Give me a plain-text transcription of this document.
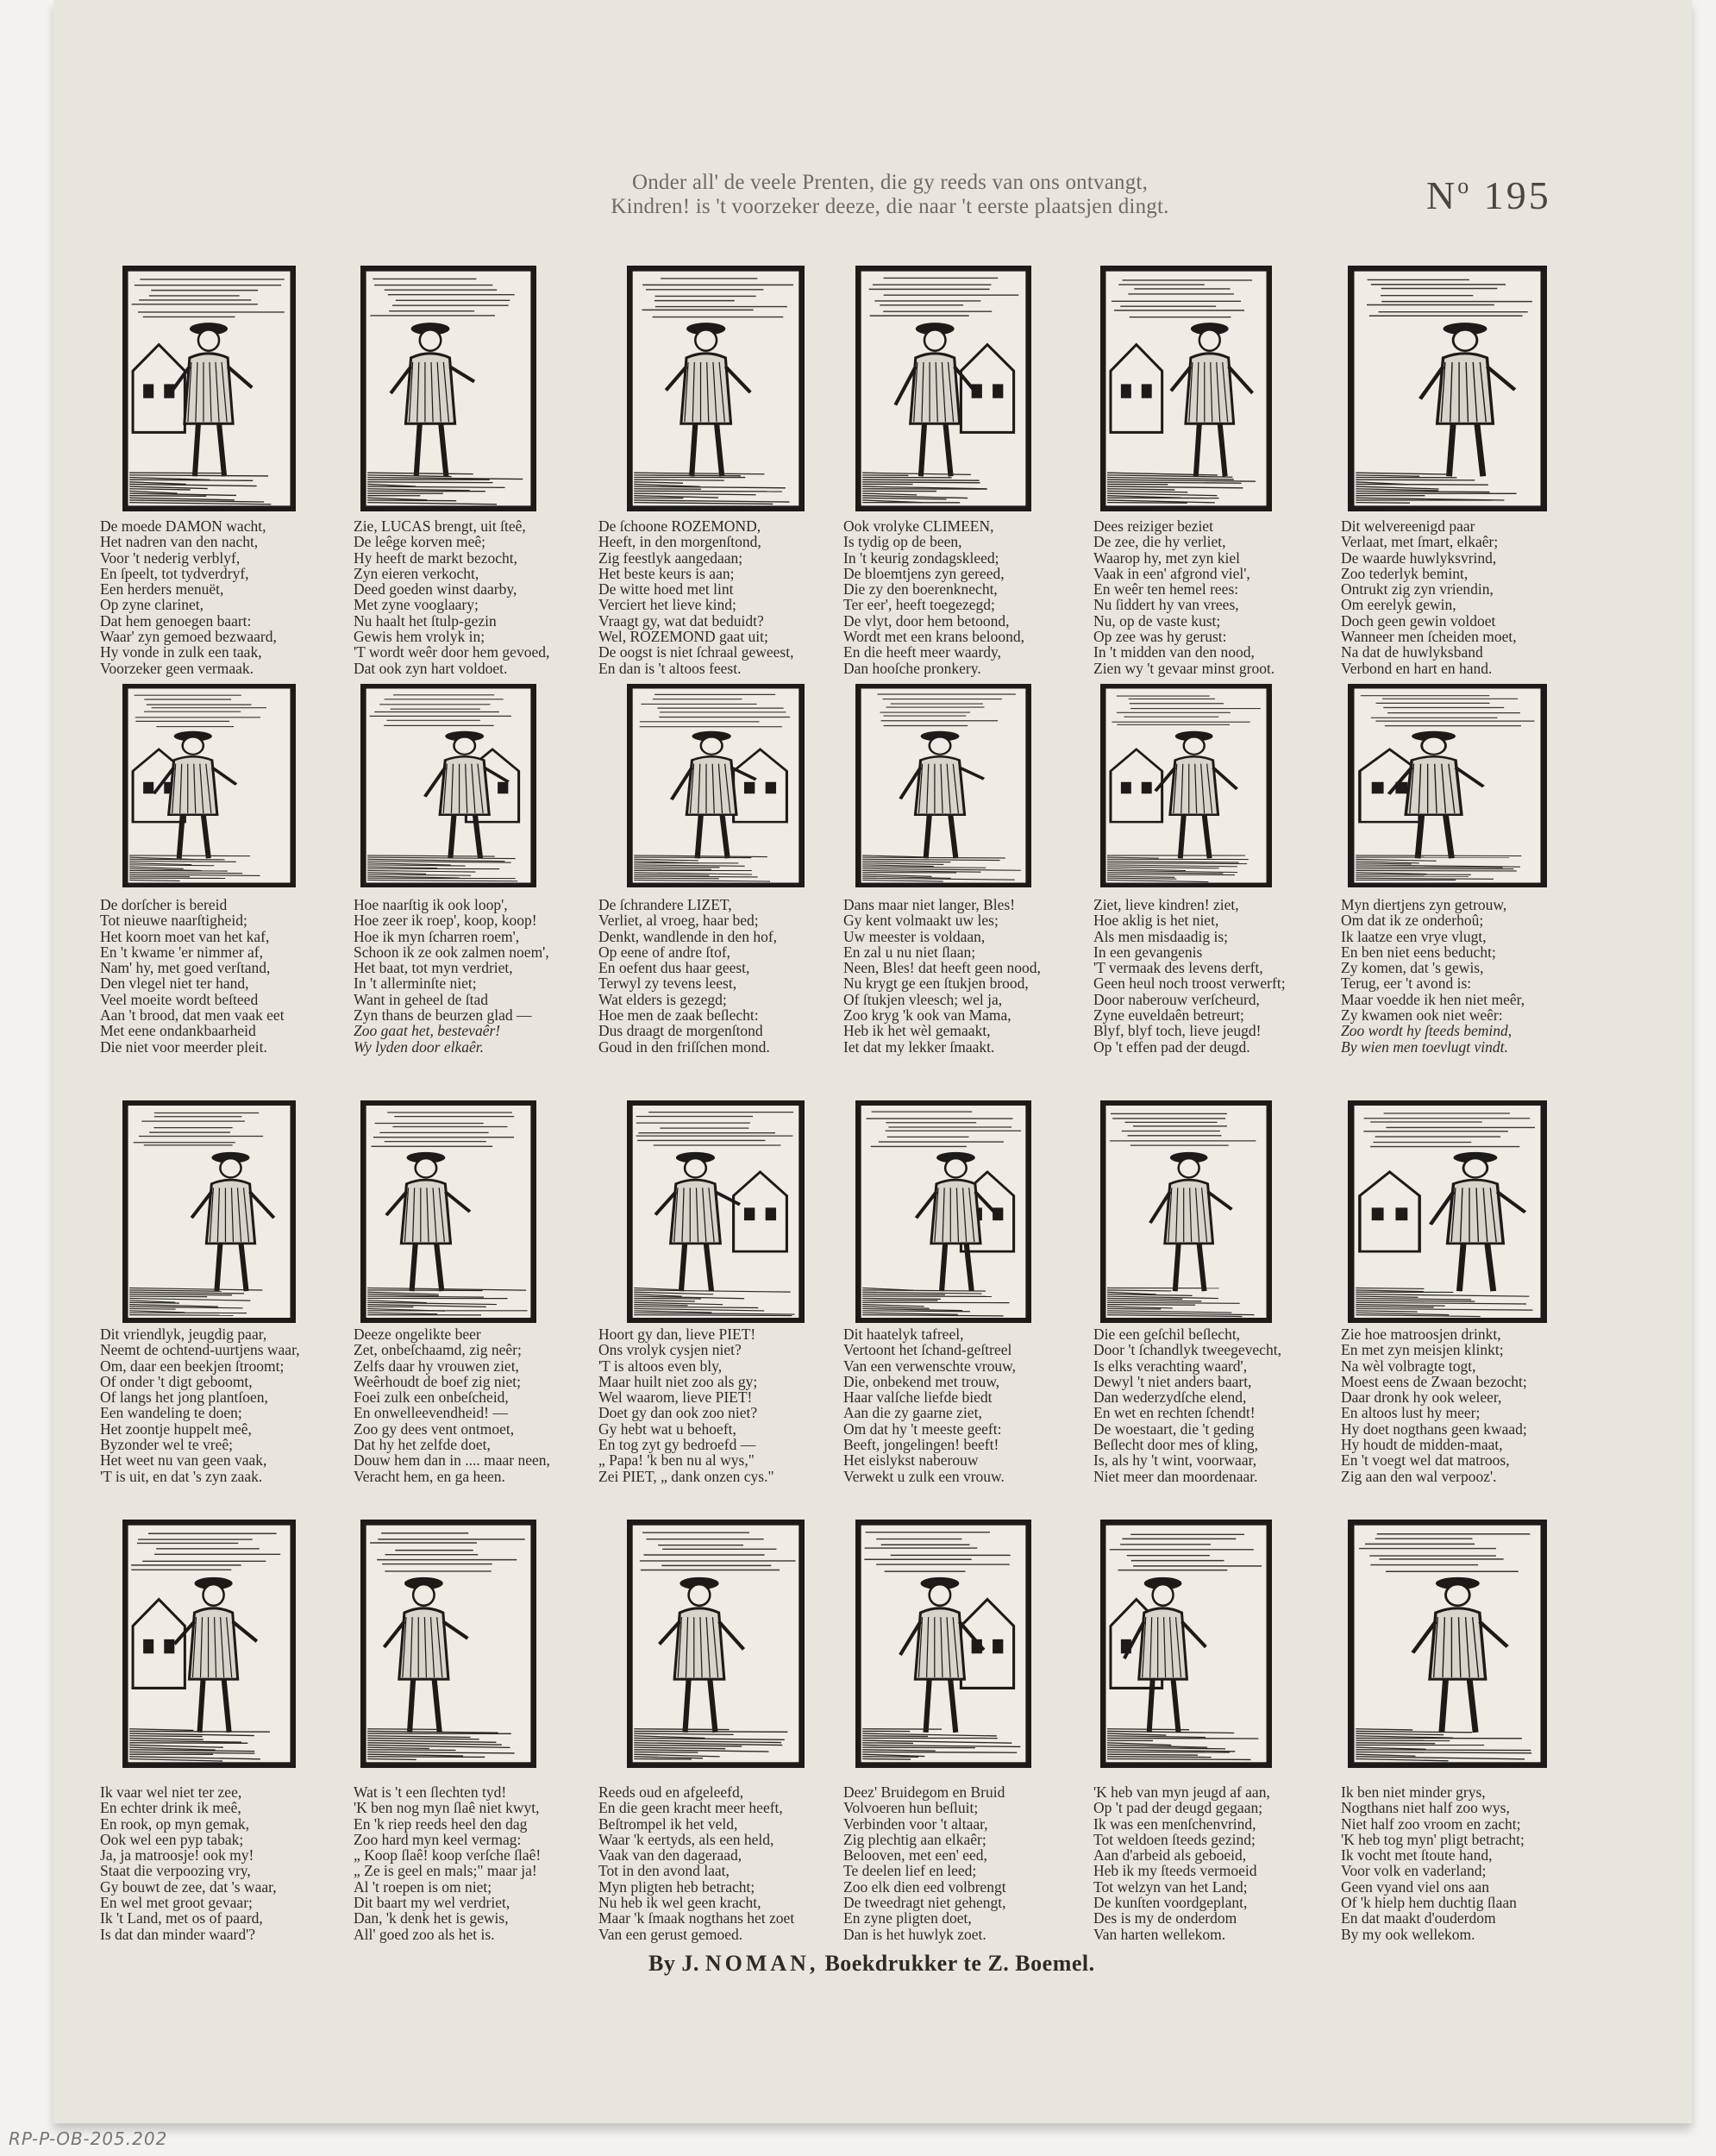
Onder all' de veele Prenten, die gy reeds van ons ontvangt,
Kindren! is 't voorzeker deeze, die naar 't eerste plaatsjen dingt.	$N^o$ 195
De moede DAMON wacht,
Het nadren van den nacht,
Voor 't nederig verblyf,
En ſpeelt, tot tydverdryf,
Een herders menuët,
Op zyne clarinet,
Dat hem genoegen baart:
Waar' zyn gemoed bezwaard,
Hy vonde in zulk een taak,
Voorzeker geen vermaak.
Zie, LUCAS brengt, uit ſteê,
De leêge korven meê;
Hy heeft de markt bezocht,
Zyn eieren verkocht,
Deed goeden winst daarby,
Met zyne vooglaary;
Nu haalt het ſtulp-gezin
Gewis hem vrolyk in;
'T wordt weêr door hem gevoed,
Dat ook zyn hart voldoet.
De ſchoone ROZEMOND,
Heeft, in den morgenſtond,
Zig feestlyk aangedaan;
Het beste keurs is aan;
De witte hoed met lint
Verciert het lieve kind;
Vraagt gy, wat dat beduidt?
Wel, ROZEMOND gaat uit;
De oogst is niet ſchraal geweest,
En dan is 't altoos feest.
Ook vrolyke CLIMEEN,
Is tydig op de been,
In 't keurig zondagskleed;
De bloemtjens zyn gereed,
Die zy den boerenknecht,
Ter eer', heeft toegezegd;
De vlyt, door hem betoond,
Wordt met een krans beloond,
En die heeft meer waardy,
Dan hooſche pronkery.
Dees reiziger beziet
De zee, die hy verliet,
Waarop hy, met zyn kiel
Vaak in een' afgrond viel',
En weêr ten hemel rees:
Nu ſiddert hy van vrees,
Nu, op de vaste kust;
Op zee was hy gerust:
In 't midden van den nood,
Zien wy 't gevaar minst groot.
Dit welvereenigd paar
Verlaat, met ſmart, elkaêr;
De waarde huwlyksvrind,
Zoo tederlyk bemint,
Ontrukt zig zyn vriendin,
Om eerelyk gewin,
Doch geen gewin voldoet
Wanneer men ſcheiden moet,
Na dat de huwlyksband
Verbond en hart en hand.
De dorſcher is bereid
Tot nieuwe naarſtigheid;
Het koorn moet van het kaf,
En 't kwame 'er nimmer af,
Nam' hy, met goed verſtand,
Den vlegel niet ter hand,
Veel moeite wordt beſteed
Aan 't brood, dat men vaak eet
Met eene ondankbaarheid
Die niet voor meerder pleit.
Hoe naarſtig ik ook loop',
Hoe zeer ik roep', koop, koop!
Hoe ik myn ſcharren roem',
Schoon ik ze ook zalmen noem',
Het baat, tot myn verdriet,
In 't allerminſte niet;
Want in geheel de ſtad
Zyn thans de beurzen glad —
Zoo gaat het, bestevaêr!
Wy lyden door elkaêr.
De ſchrandere LIZET,
Verliet, al vroeg, haar bed;
Denkt, wandlende in den hof,
Op eene of andre ſtof,
En oefent dus haar geest,
Terwyl zy tevens leest,
Wat elders is gezegd;
Hoe men de zaak beſlecht:
Dus draagt de morgenſtond
Goud in den friſſchen mond.
Dans maar niet langer, Bles!
Gy kent volmaakt uw les;
Uw meester is voldaan,
En zal u nu niet ſlaan;
Neen, Bles! dat heeft geen nood,
Nu krygt ge een ſtukjen brood,
Of ſtukjen vleesch; wel ja,
Zoo kryg 'k ook van Mama,
Heb ik het wèl gemaakt,
Iet dat my lekker ſmaakt.
Ziet, lieve kindren! ziet,
Hoe aklig is het niet,
Als men misdaadig is;
In een gevangenis
'T vermaak des levens derft,
Geen heul noch troost verwerft;
Door naberouw verſcheurd,
Zyne euveldaên betreurt;
Blyf, blyf toch, lieve jeugd!
Op 't effen pad der deugd.
Myn diertjens zyn getrouw,
Om dat ik ze onderhoû;
Ik laatze een vrye vlugt,
En ben niet eens beducht;
Zy komen, dat 's gewis,
Terug, eer 't avond is:
Maar voedde ik hen niet meêr,
Zy kwamen ook niet weêr:
Zoo wordt hy ſteeds bemind,
By wien men toevlugt vindt.
Dit vriendlyk, jeugdig paar,
Neemt de ochtend-uurtjens waar,
Om, daar een beekjen ſtroomt;
Of onder 't digt geboomt,
Of langs het jong plantſoen,
Een wandeling te doen;
Het zoontje huppelt meê,
Byzonder wel te vreê;
Het weet nu van geen vaak,
'T is uit, en dat 's zyn zaak.
Deeze ongelikte beer
Zet, onbeſchaamd, zig neêr;
Zelfs daar hy vrouwen ziet,
Weêrhoudt de boef zig niet;
Foei zulk een onbeſcheid,
En onwelleevendheid! —
Zoo gy dees vent ontmoet,
Dat hy het zelfde doet,
Douw hem dan in .... maar neen,
Veracht hem, en ga heen.
Hoort gy dan, lieve PIET!
Ons vrolyk cysjen niet?
'T is altoos even bly,
Maar huilt niet zoo als gy;
Wel waarom, lieve PIET!
Doet gy dan ook zoo niet?
Gy hebt wat u behoeft,
En tog zyt gy bedroefd —
„ Papa! 'k ben nu al wys,"
Zei PIET, „ dank onzen cys."
Dit haatelyk tafreel,
Vertoont het ſchand-geſtreel
Van een verwenschte vrouw,
Die, onbekend met trouw,
Haar valſche liefde biedt
Aan die zy gaarne ziet,
Om dat hy 't meeste geeft:
Beeft, jongelingen! beeft!
Het eislykst naberouw
Verwekt u zulk een vrouw.
Die een geſchil beſlecht,
Door 't ſchandlyk tweegevecht,
Is elks verachting waard',
Dewyl 't niet anders baart,
Dan wederzydſche elend,
En wet en rechten ſchendt!
De woestaart, die 't geding
Beſlecht door mes of kling,
Is, als hy 't wint, voorwaar,
Niet meer dan moordenaar.
Zie hoe matroosjen drinkt,
En met zyn meisjen klinkt;
Na wèl volbragte togt,
Moest eens de Zwaan bezocht;
Daar dronk hy ook weleer,
En altoos lust hy meer;
Hy doet nogthans geen kwaad;
Hy houdt de midden-maat,
En 't voegt wel dat matroos,
Zig aan den wal verpooz'.
Ik vaar wel niet ter zee,
En echter drink ik meê,
En rook, op myn gemak,
Ook wel een pyp tabak;
Ja, ja matroosje! ook my!
Staat die verpoozing vry,
Gy bouwt de zee, dat 's waar,
En wel met groot gevaar;
Ik 't Land, met os of paard,
Is dat dan minder waard'?
Wat is 't een ſlechten tyd!
'K ben nog myn ſlaê niet kwyt,
En 'k riep reeds heel den dag
Zoo hard myn keel vermag:
„ Koop ſlaê! koop verſche ſlaê!
„ Ze is geel en mals;" maar ja!
Al 't roepen is om niet;
Dit baart my wel verdriet,
Dan, 'k denk het is gewis,
All' goed zoo als het is.
Reeds oud en afgeleefd,
En die geen kracht meer heeft,
Beſtrompel ik het veld,
Waar 'k eertyds, als een held,
Vaak van den dageraad,
Tot in den avond laat,
Myn pligten heb betracht;
Nu heb ik wel geen kracht,
Maar 'k ſmaak nogthans het zoet
Van een gerust gemoed.
Deez' Bruidegom en Bruid
Volvoeren hun beſluit;
Verbinden voor 't altaar,
Zig plechtig aan elkaêr;
Belooven, met een' eed,
Te deelen lief en leed;
Zoo elk dien eed volbrengt
De tweedragt niet gehengt,
En zyne pligten doet,
Dan is het huwlyk zoet.
'K heb van myn jeugd af aan,
Op 't pad der deugd gegaan;
Ik was een menſchenvrind,
Tot weldoen ſteeds gezind;
Aan d'arbeid als geboeid,
Heb ik my ſteeds vermoeid
Tot welzyn van het Land;
De kunſten voordgeplant,
Des is my de onderdom
Van harten wellekom.
Ik ben niet minder grys,
Nogthans niet half zoo wys,
Niet half zoo vroom en zacht;
'K heb tog myn' pligt betracht;
Ik vocht met ſtoute hand,
Voor volk en vaderland;
Geen vyand viel ons aan
Of 'k hielp hem duchtig ſlaan
En dat maakt d'ouderdom
By my ook wellekom.
By J. NOMAN, Boekdrukker te Z. Boemel.
RP-P-OB-205.202
